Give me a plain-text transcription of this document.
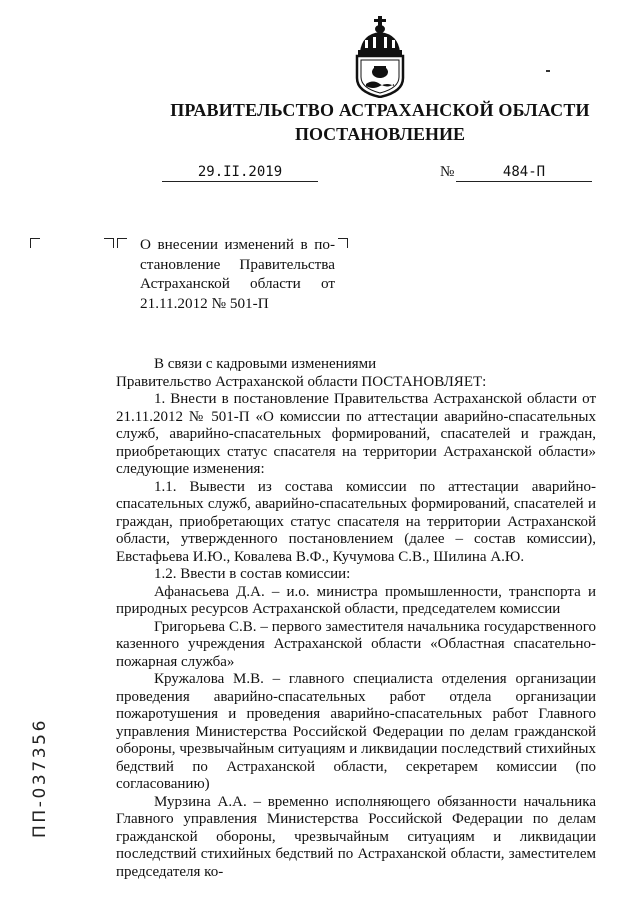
ПРАВИТЕЛЬСТВО АСТРАХАНСКОЙ ОБЛАСТИ
ПОСТАНОВЛЕНИЕ
29.II.2019	№	484-П

О внесении изменений в по-

становление Правительства

Астраханской области от

21.11.2012 № 501-П

В связи с кадровыми изменениями

Правительство Астраханской области ПОСТАНОВЛЯЕТ:

1. Внести в постановление Правительства Астраханской области от 21.11.2012 № 501-П «О комиссии по аттестации аварийно-спасательных служб, аварийно-спасательных формирований, спасателей и граждан, приобретающих статус спасателя на территории Астраханской области» следующие изменения:

1.1. Вывести из состава комиссии по аттестации аварийно-спасательных служб, аварийно-спасательных формирований, спасателей и граждан, приобретающих статус спасателя на территории Астраханской области, утвержденного постановлением (далее – состав комиссии), Евстафьева И.Ю., Ковалева В.Ф., Кучумова С.В., Шилина А.Ю.

1.2. Ввести в состав комиссии:

Афанасьева Д.А. – и.о. министра промышленности, транспорта и природных ресурсов Астраханской области, председателем комиссии

Григорьева С.В. – первого заместителя начальника государственного казенного учреждения Астраханской области «Областная спасательно-пожарная служба»

Кружалова М.В. – главного специалиста отделения организации проведения аварийно-спасательных работ отдела организации пожаротушения и проведения аварийно-спасательных работ Главного управления Министерства Российской Федерации по делам гражданской обороны, чрезвычайным ситуациям и ликвидации последствий стихийных бедствий по Астраханской области, секретарем комиссии (по согласованию)

Мурзина А.А. – временно исполняющего обязанности начальника Главного управления Министерства Российской Федерации по делам гражданской обороны, чрезвычайным ситуациям и ликвидации последствий стихийных бедствий по Астраханской области, заместителем председателя ко-

ПП-037356
